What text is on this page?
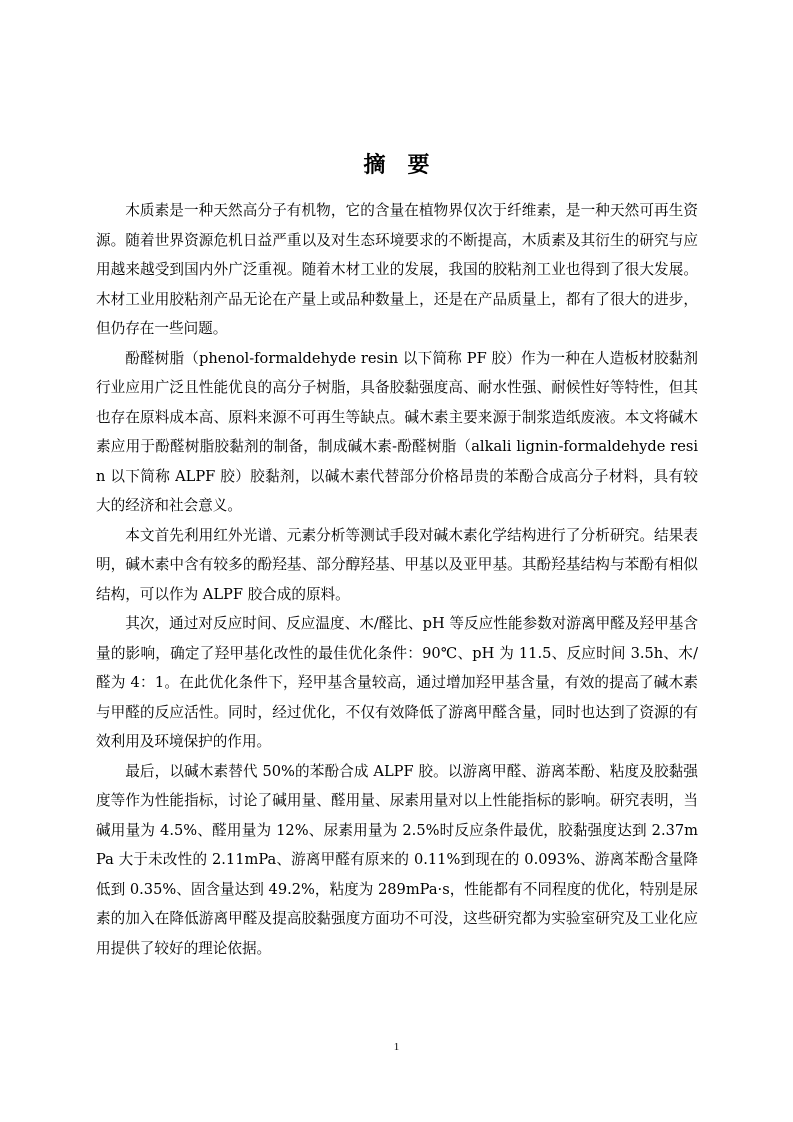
摘　要

木质素是一种天然高分子有机物，它的含量在植物界仅次于纤维素，是一种天然可再生资源。随着世界资源危机日益严重以及对生态环境要求的不断提高，木质素及其衍生的研究与应用越来越受到国内外广泛重视。随着木材工业的发展，我国的胶粘剂工业也得到了很大发展。木材工业用胶粘剂产品无论在产量上或品种数量上，还是在产品质量上，都有了很大的进步，但仍存在一些问题。

酚醛树脂（phenol-formaldehyde resin 以下简称 PF 胶）作为一种在人造板材胶黏剂行业应用广泛且性能优良的高分子树脂，具备胶黏强度高、耐水性强、耐候性好等特性，但其也存在原料成本高、原料来源不可再生等缺点。碱木素主要来源于制浆造纸废液。本文将碱木素应用于酚醛树脂胶黏剂的制备，制成碱木素-酚醛树脂（alkali lignin-formaldehyde resin 以下简称 ALPF 胶）胶黏剂，以碱木素代替部分价格昂贵的苯酚合成高分子材料，具有较大的经济和社会意义。

本文首先利用红外光谱、元素分析等测试手段对碱木素化学结构进行了分析研究。结果表明，碱木素中含有较多的酚羟基、部分醇羟基、甲基以及亚甲基。其酚羟基结构与苯酚有相似结构，可以作为 ALPF 胶合成的原料。

其次，通过对反应时间、反应温度、木/醛比、pH 等反应性能参数对游离甲醛及羟甲基含量的影响，确定了羟甲基化改性的最佳优化条件：90℃、pH 为 11.5、反应时间 3.5h、木/醛为 4：1。在此优化条件下，羟甲基含量较高，通过增加羟甲基含量，有效的提高了碱木素与甲醛的反应活性。同时，经过优化，不仅有效降低了游离甲醛含量，同时也达到了资源的有效利用及环境保护的作用。

最后，以碱木素替代 50%的苯酚合成 ALPF 胶。以游离甲醛、游离苯酚、粘度及胶黏强度等作为性能指标，讨论了碱用量、醛用量、尿素用量对以上性能指标的影响。研究表明，当碱用量为 4.5%、醛用量为 12%、尿素用量为 2.5%时反应条件最优，胶黏强度达到 2.37mPa 大于未改性的 2.11mPa、游离甲醛有原来的 0.11%到现在的 0.093%、游离苯酚含量降低到 0.35%、固含量达到 49.2%，粘度为 289mPa·s，性能都有不同程度的优化，特别是尿素的加入在降低游离甲醛及提高胶黏强度方面功不可没，这些研究都为实验室研究及工业化应用提供了较好的理论依据。

1
